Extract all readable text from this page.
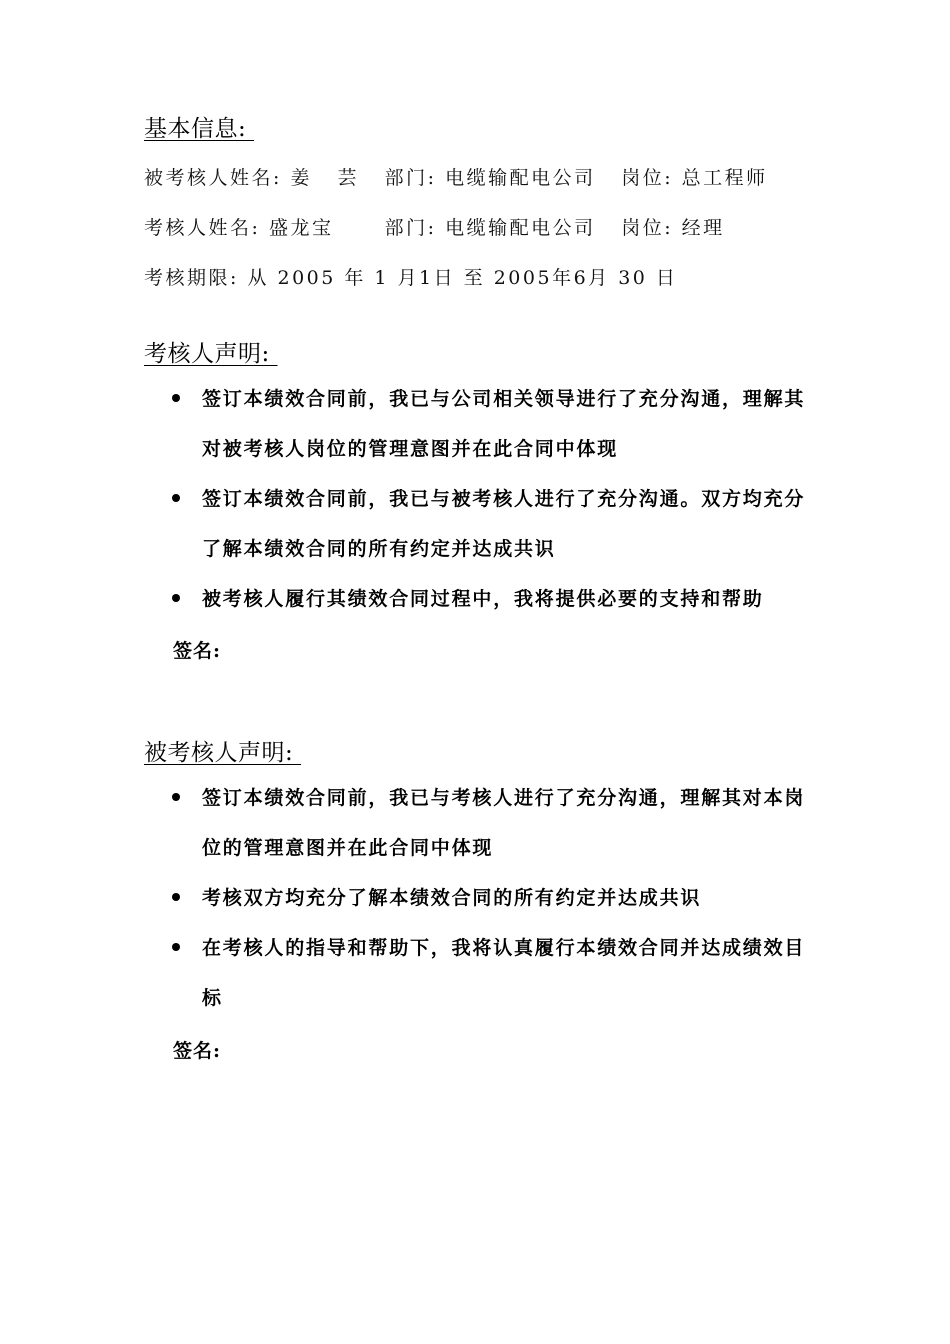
基本信息:
被考核人姓名: 姜   芸   部门: 电缆输配电公司   岗位: 总工程师
考核人姓名: 盛龙宝      部门: 电缆输配电公司   岗位: 经理
考核期限: 从 2005 年 1 月1日 至 2005年6月 30 日
考核人声明:
签订本绩效合同前，我已与公司相关领导进行了充分沟通，理解其对被考核人岗位的管理意图并在此合同中体现
签订本绩效合同前，我已与被考核人进行了充分沟通。双方均充分了解本绩效合同的所有约定并达成共识
被考核人履行其绩效合同过程中，我将提供必要的支持和帮助
签名:
被考核人声明:
签订本绩效合同前，我已与考核人进行了充分沟通，理解其对本岗位的管理意图并在此合同中体现
考核双方均充分了解本绩效合同的所有约定并达成共识
在考核人的指导和帮助下，我将认真履行本绩效合同并达成绩效目标
签名:
